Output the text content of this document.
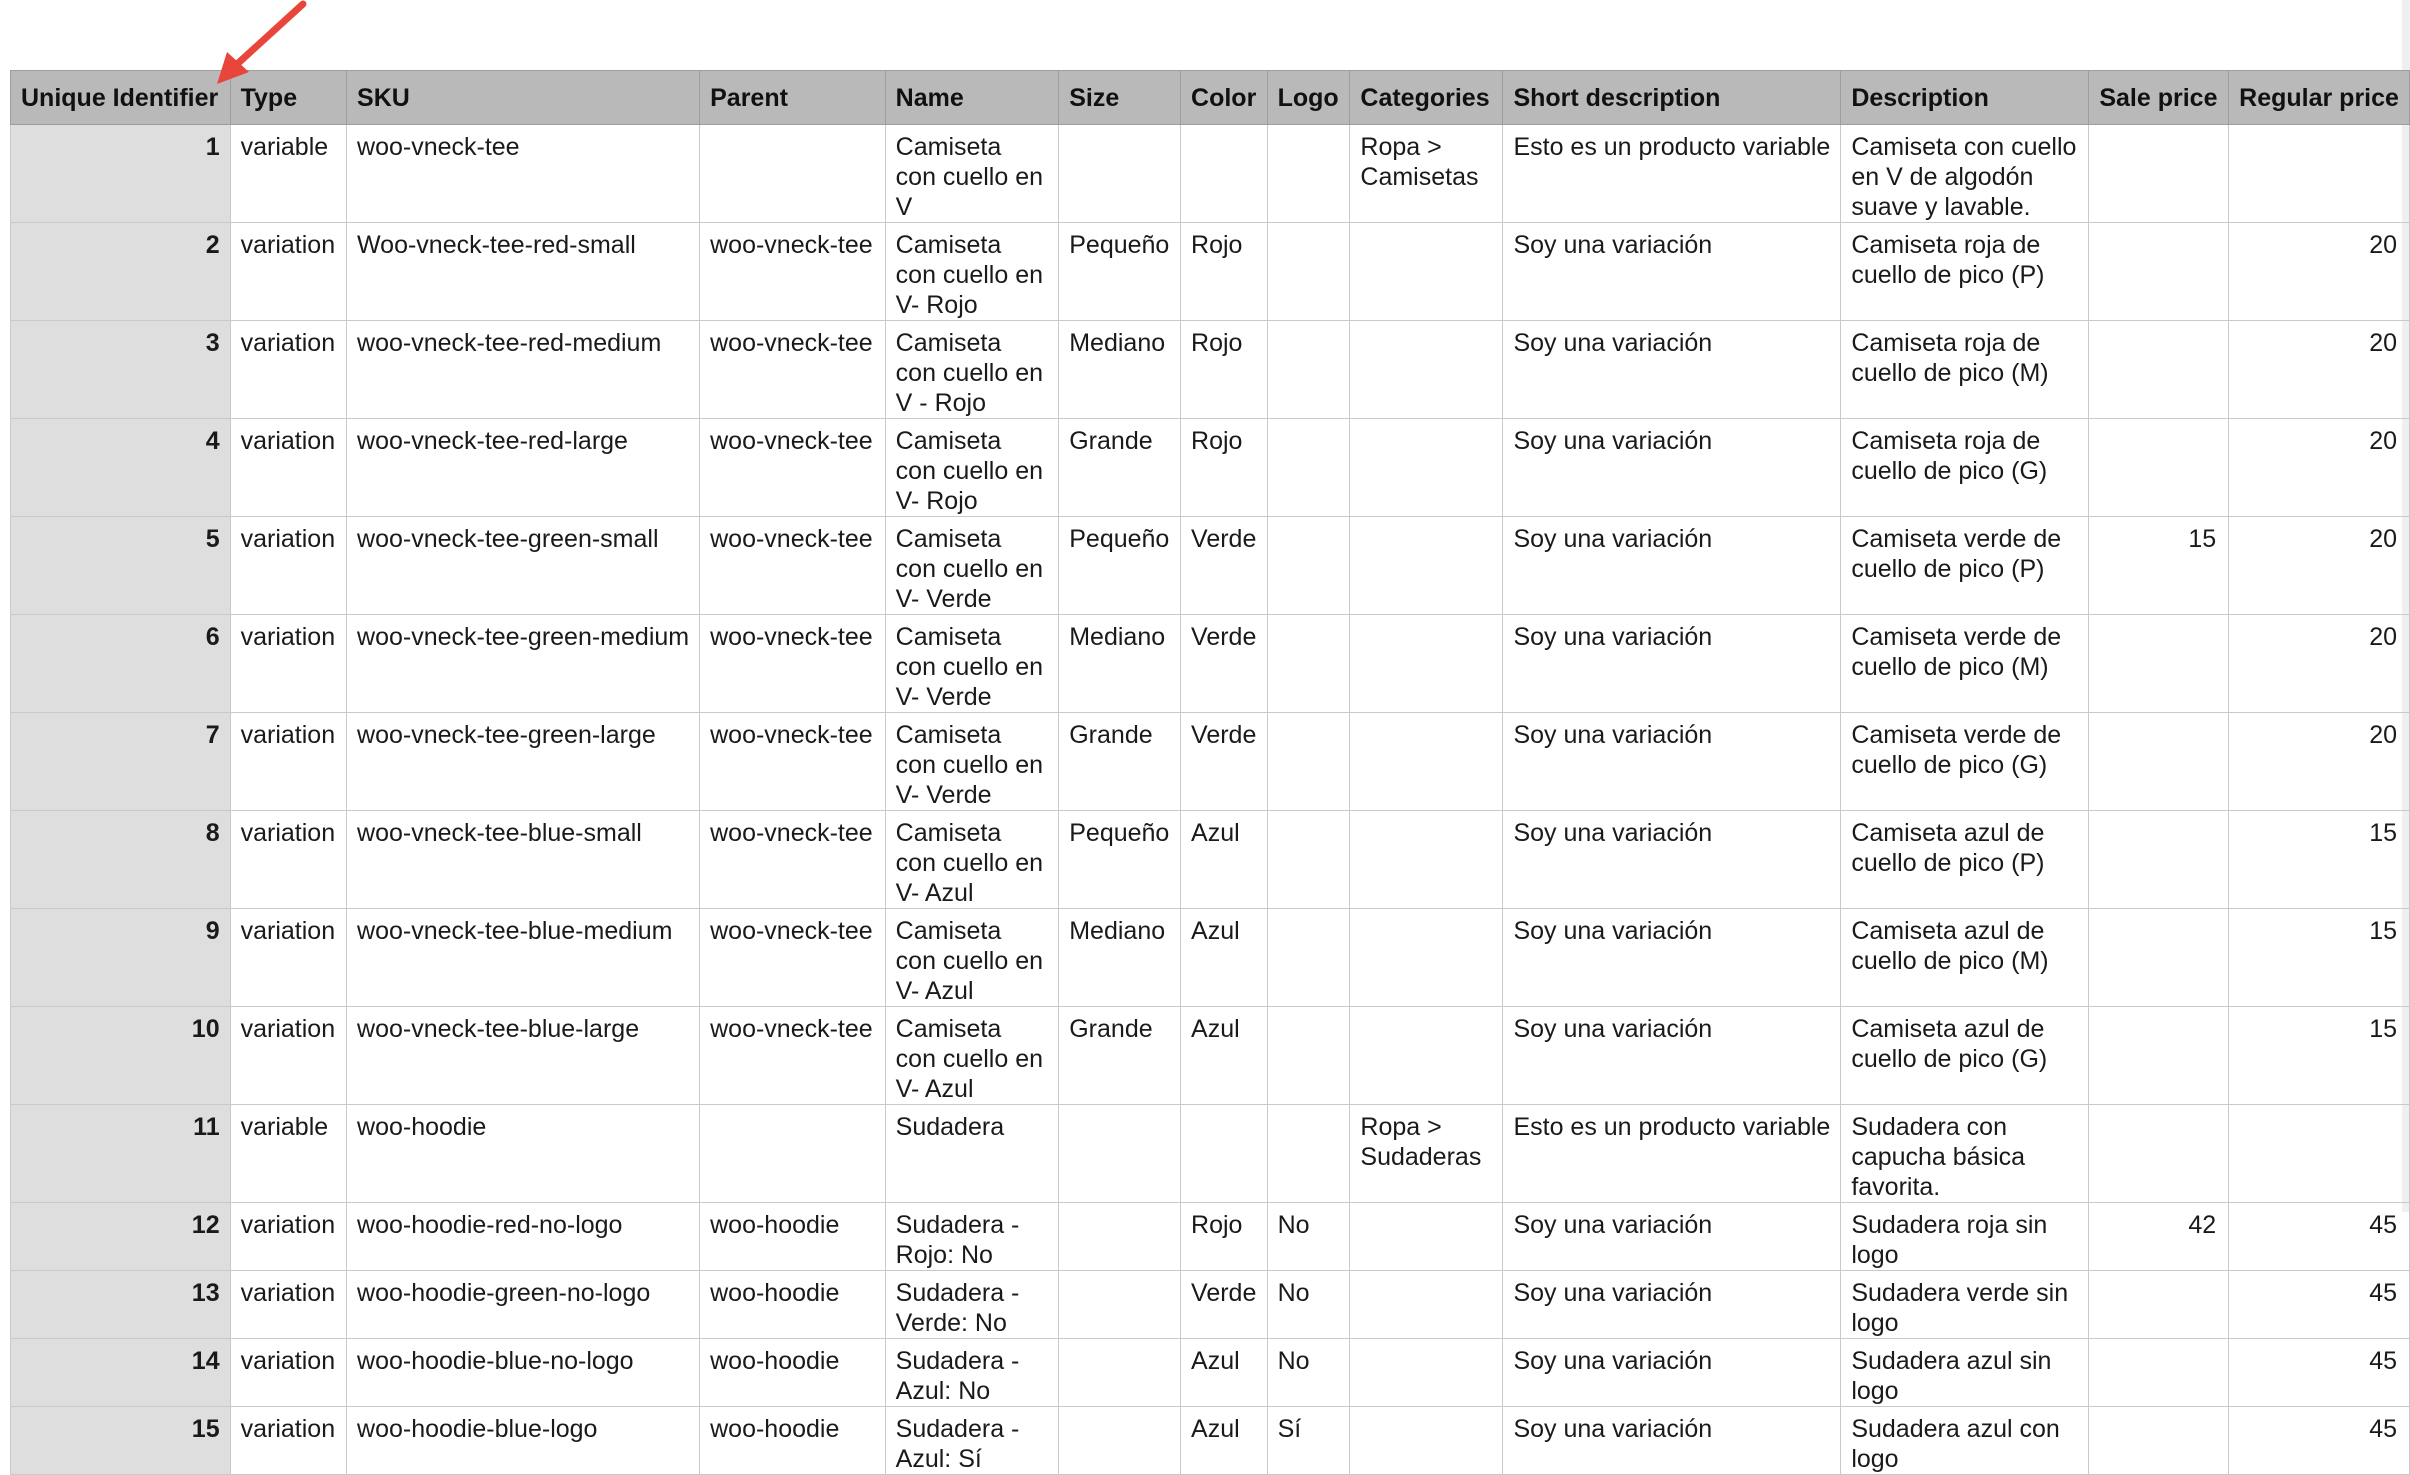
Unique Identifier	Type	SKU	Parent	Name	Size	Color	Logo	Categories	Short description	Description	Sale price	Regular price
1	variable	woo-vneck-tee		Camiseta con cuello en V				Ropa > Camisetas	Esto es un producto variable	Camiseta con cuello en V de algodón suave y lavable.		
2	variation	Woo-vneck-tee-red-small	woo-vneck-tee	Camiseta con cuello en V- Rojo	Pequeño	Rojo			Soy una variación	Camiseta roja de cuello de pico (P)		20
3	variation	woo-vneck-tee-red-medium	woo-vneck-tee	Camiseta con cuello en V - Rojo	Mediano	Rojo			Soy una variación	Camiseta roja de cuello de pico (M)		20
4	variation	woo-vneck-tee-red-large	woo-vneck-tee	Camiseta con cuello en V- Rojo	Grande	Rojo			Soy una variación	Camiseta roja de cuello de pico (G)		20
5	variation	woo-vneck-tee-green-small	woo-vneck-tee	Camiseta con cuello en V- Verde	Pequeño	Verde			Soy una variación	Camiseta verde de cuello de pico (P)	15	20
6	variation	woo-vneck-tee-green-medium	woo-vneck-tee	Camiseta con cuello en V- Verde	Mediano	Verde			Soy una variación	Camiseta verde de cuello de pico (M)		20
7	variation	woo-vneck-tee-green-large	woo-vneck-tee	Camiseta con cuello en V- Verde	Grande	Verde			Soy una variación	Camiseta verde de cuello de pico (G)		20
8	variation	woo-vneck-tee-blue-small	woo-vneck-tee	Camiseta con cuello en V- Azul	Pequeño	Azul			Soy una variación	Camiseta azul de cuello de pico (P)		15
9	variation	woo-vneck-tee-blue-medium	woo-vneck-tee	Camiseta con cuello en V- Azul	Mediano	Azul			Soy una variación	Camiseta azul de cuello de pico (M)		15
10	variation	woo-vneck-tee-blue-large	woo-vneck-tee	Camiseta con cuello en V- Azul	Grande	Azul			Soy una variación	Camiseta azul de cuello de pico (G)		15
11	variable	woo-hoodie		Sudadera				Ropa > Sudaderas	Esto es un producto variable	Sudadera con capucha básica favorita.		
12	variation	woo-hoodie-red-no-logo	woo-hoodie	Sudadera - Rojo: No		Rojo	No		Soy una variación	Sudadera roja sin logo	42	45
13	variation	woo-hoodie-green-no-logo	woo-hoodie	Sudadera - Verde: No		Verde	No		Soy una variación	Sudadera verde sin logo		45
14	variation	woo-hoodie-blue-no-logo	woo-hoodie	Sudadera - Azul: No		Azul	No		Soy una variación	Sudadera azul sin logo		45
15	variation	woo-hoodie-blue-logo	woo-hoodie	Sudadera - Azul: Sí		Azul	Sí		Soy una variación	Sudadera azul con logo		45
